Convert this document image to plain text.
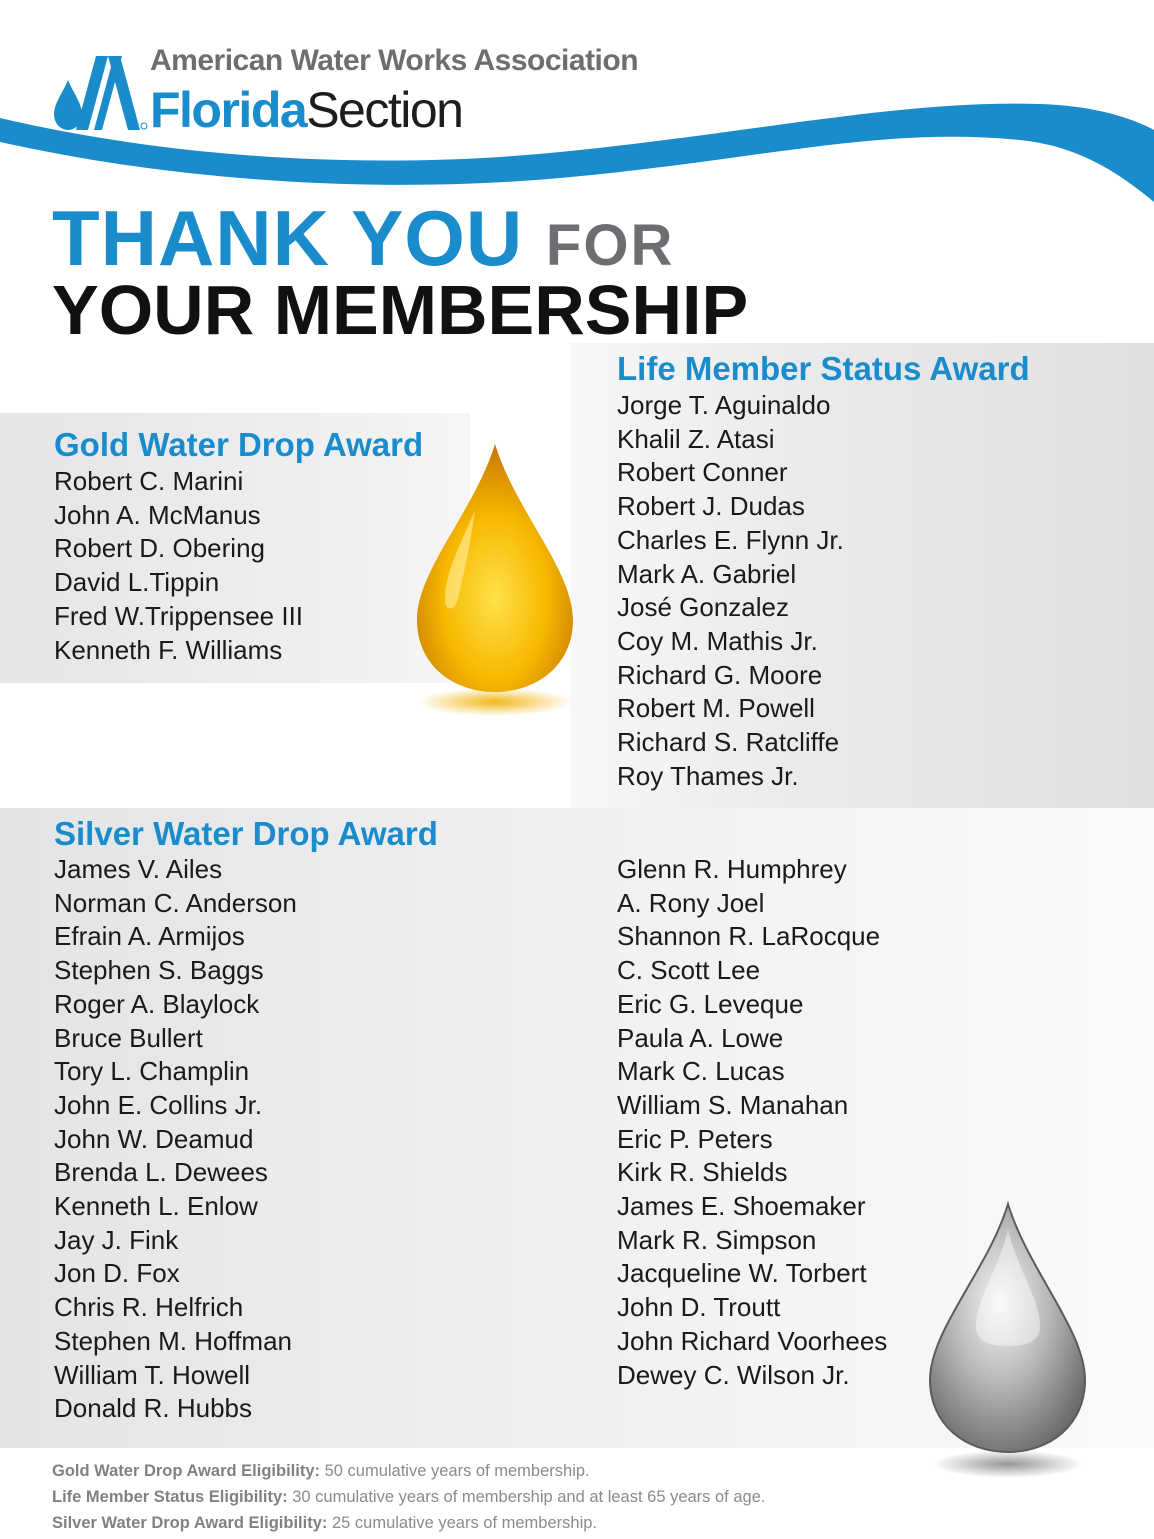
American Water Works Association
FloridaSection
THANK YOU FOR
YOUR MEMBERSHIP
Gold Water Drop Award
Robert C. Marini
John A. McManus
Robert D. Obering
David L.Tippin
Fred W.Trippensee III
Kenneth F. Williams
Life Member Status Award
Jorge T. Aguinaldo
Khalil Z. Atasi
Robert Conner
Robert J. Dudas
Charles E. Flynn Jr.
Mark A. Gabriel
José Gonzalez
Coy M. Mathis Jr.
Richard G. Moore
Robert M. Powell
Richard S. Ratcliffe
Roy Thames Jr.
Silver Water Drop Award
James V. Ailes
Norman C. Anderson
Efrain A. Armijos
Stephen S. Baggs
Roger A. Blaylock
Bruce Bullert
Tory L. Champlin
John E. Collins Jr.
John W. Deamud
Brenda L. Dewees
Kenneth L. Enlow
Jay J. Fink
Jon D. Fox
Chris R. Helfrich
Stephen M. Hoffman
William T. Howell
Donald R. Hubbs
Glenn R. Humphrey
A. Rony Joel
Shannon R. LaRocque
C. Scott Lee
Eric G. Leveque
Paula A. Lowe
Mark C. Lucas
William S. Manahan
Eric P. Peters
Kirk R. Shields
James E. Shoemaker
Mark R. Simpson
Jacqueline W. Torbert
John D. Troutt
John Richard Voorhees
Dewey C. Wilson Jr.
Gold Water Drop Award Eligibility: 50 cumulative years of membership.
Life Member Status Eligibility: 30 cumulative years of membership and at least 65 years of age.
Silver Water Drop Award Eligibility: 25 cumulative years of membership.
